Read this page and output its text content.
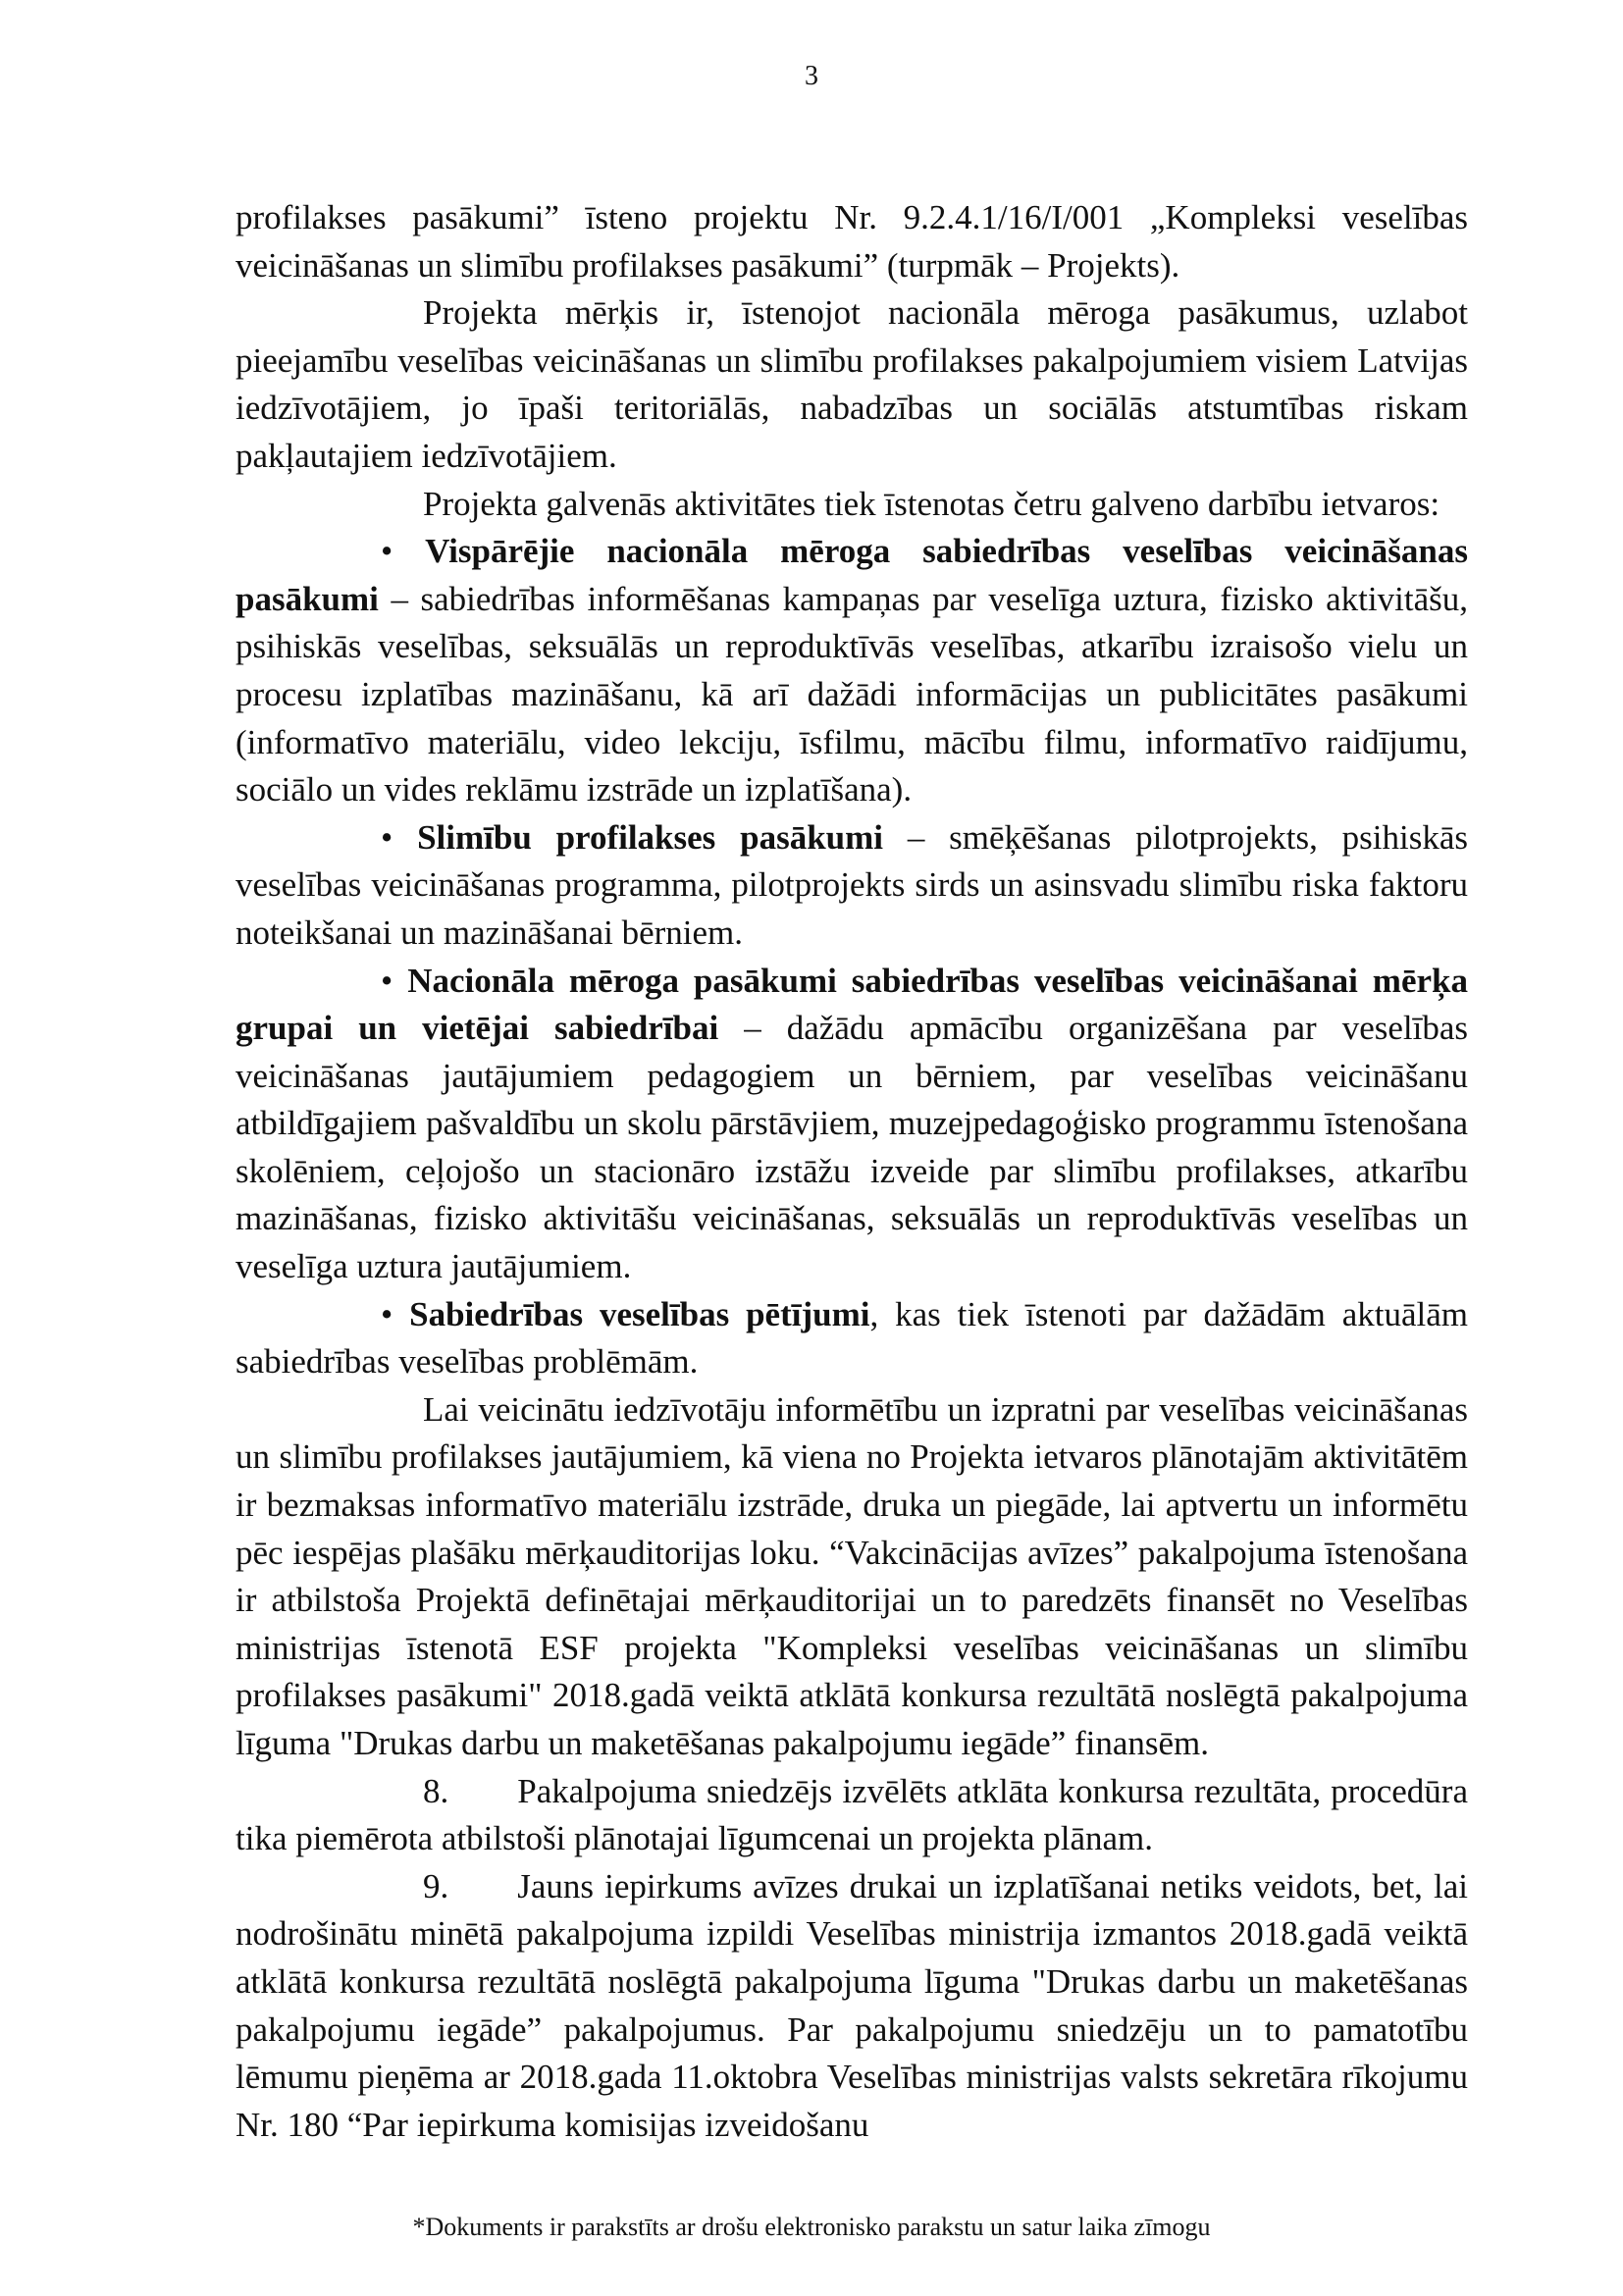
3

profilakses pasākumi” īsteno projektu Nr. 9.2.4.1/16/I/001 „Kompleksi veselības veicināšanas un slimību profilakses pasākumi” (turpmāk – Projekts).

Projekta mērķis ir, īstenojot nacionāla mēroga pasākumus, uzlabot pieejamību veselības veicināšanas un slimību profilakses pakalpojumiem visiem Latvijas iedzīvotājiem, jo īpaši teritoriālās, nabadzības un sociālās atstumtības riskam pakļautajiem iedzīvotājiem.

Projekta galvenās aktivitātes tiek īstenotas četru galveno darbību ietvaros:

• Vispārējie nacionāla mēroga sabiedrības veselības veicināšanas pasākumi – sabiedrības informēšanas kampaņas par veselīga uztura, fizisko aktivitāšu, psihiskās veselības, seksuālās un reproduktīvās veselības, atkarību izraisošo vielu un procesu izplatības mazināšanu, kā arī dažādi informācijas un publicitātes pasākumi (informatīvo materiālu, video lekciju, īsfilmu, mācību filmu, informatīvo raidījumu, sociālo un vides reklāmu izstrāde un izplatīšana).

• Slimību profilakses pasākumi – smēķēšanas pilotprojekts, psihiskās veselības veicināšanas programma, pilotprojekts sirds un asinsvadu slimību riska faktoru noteikšanai un mazināšanai bērniem.

• Nacionāla mēroga pasākumi sabiedrības veselības veicināšanai mērķa grupai un vietējai sabiedrībai – dažādu apmācību organizēšana par veselības veicināšanas jautājumiem pedagogiem un bērniem, par veselības veicināšanu atbildīgajiem pašvaldību un skolu pārstāvjiem, muzejpedagoģisko programmu īstenošana skolēniem, ceļojošo un stacionāro izstāžu izveide par slimību profilakses, atkarību mazināšanas, fizisko aktivitāšu veicināšanas, seksuālās un reproduktīvās veselības un veselīga uztura jautājumiem.

• Sabiedrības veselības pētījumi, kas tiek īstenoti par dažādām aktuālām sabiedrības veselības problēmām.

Lai veicinātu iedzīvotāju informētību un izpratni par veselības veicināšanas un slimību profilakses jautājumiem, kā viena no Projekta ietvaros plānotajām aktivitātēm ir bezmaksas informatīvo materiālu izstrāde, druka un piegāde, lai aptvertu un informētu pēc iespējas plašāku mērķauditorijas loku. “Vakcinācijas avīzes” pakalpojuma īstenošana ir atbilstoša Projektā definētajai mērķauditorijai un to paredzēts finansēt no Veselības ministrijas īstenotā ESF projekta "Kompleksi veselības veicināšanas un slimību profilakses pasākumi" 2018.gadā veiktā atklātā konkursa rezultātā noslēgtā pakalpojuma līguma "Drukas darbu un maketēšanas pakalpojumu iegāde” finansēm.

8.  Pakalpojuma sniedzējs izvēlēts atklāta konkursa rezultāta, procedūra tika piemērota atbilstoši plānotajai līgumcenai un projekta plānam.

9.  Jauns iepirkums avīzes drukai un izplatīšanai netiks veidots, bet, lai nodrošinātu minētā pakalpojuma izpildi Veselības ministrija izmantos 2018.gadā veiktā atklātā konkursa rezultātā noslēgtā pakalpojuma līguma "Drukas darbu un maketēšanas pakalpojumu iegāde” pakalpojumus. Par pakalpojumu sniedzēju un to pamatotību lēmumu pieņēma ar 2018.gada 11.oktobra Veselības ministrijas valsts sekretāra rīkojumu Nr. 180 “Par iepirkuma komisijas izveidošanu

*Dokuments ir parakstīts ar drošu elektronisko parakstu un satur laika zīmogu
